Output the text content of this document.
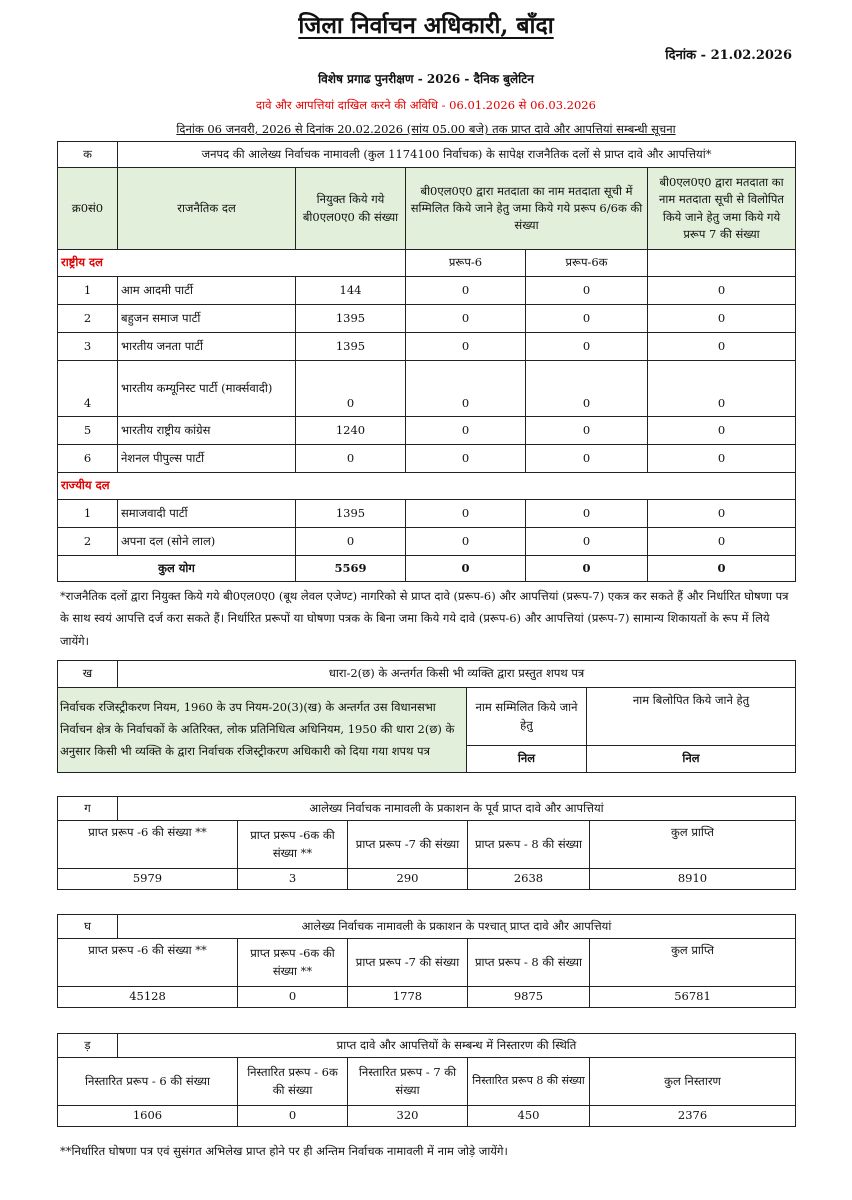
जिला निर्वाचन अधिकारी, बाँदा
दिनांक - 21.02.2026
विशेष प्रगाढ पुनरीक्षण - 2026 - दैनिक बुलेटिन
दावे और आपत्तियां दाखिल करने की अविधि - 06.01.2026 से 06.03.2026
दिनांक 06 जनवरी, 2026 से दिनांक 20.02.2026 (सांय 05.00 बजे) तक प्राप्त दावे और आपत्तियां सम्बन्धी सूचना
क	जनपद की आलेख्य निर्वाचक नामावली (कुल 1174100 निर्वाचक) के सापेक्ष राजनैतिक दलों से प्राप्त दावे और आपत्तियां*				
क्र0सं0	राजनैतिक दल	नियुक्त किये गये बी0एल0ए0 की संख्या	बी0एल0ए0 द्वारा मतदाता का नाम मतदाता सूची में सम्मिलित किये जाने हेतु जमा किये गये प्ररूप 6/6क की संख्या		बी0एल0ए0 द्वारा मतदाता का नाम मतदाता सूची से विलोपित किये जाने हेतु जमा किये गये प्ररूप 7 की संख्या
राष्ट्रीय दल			प्ररूप-6	प्ररूप-6क	
1	आम आदमी पार्टी	144	0	0	0
2	बहुजन समाज पार्टी	1395	0	0	0
3	भारतीय जनता पार्टी	1395	0	0	0
4	भारतीय कम्यूनिस्ट पार्टी (मार्क्सवादी)	0	0	0	0
5	भारतीय राष्ट्रीय कांग्रेस	1240	0	0	0
6	नेशनल पीपुल्स पार्टी	0	0	0	0
राज्यीय दल					
1	समाजवादी पार्टी	1395	0	0	0
2	अपना दल (सोने लाल)	0	0	0	0
कुल योग		5569	0	0	0
*राजनैतिक दलों द्वारा नियुक्त किये गये बी0एल0ए0 (बूथ लेवल एजेण्ट) नागरिको से प्राप्त दावे (प्ररूप-6) और आपत्तियां (प्ररूप-7) एकत्र कर सकते हैं और निर्धारित घोषणा पत्र के साथ स्वयं आपत्ति दर्ज करा सकते हैं। निर्धारित प्ररूपों या घोषणा पत्रक के बिना जमा किये गये दावे (प्ररूप-6) और आपत्तियां (प्ररूप-7) सामान्य शिकायतों के रूप में लिये जायेंगे।
ख	धारा-2(छ) के अन्तर्गत किसी भी व्यक्ति द्वारा प्रस्तुत शपथ पत्र		
निर्वाचक रजिस्ट्रीकरण नियम, 1960 के उप नियम-20(3)(ख) के अन्तर्गत उस विधानसभा निर्वाचन क्षेत्र के निर्वाचकों के अतिरिक्त, लोक प्रतिनिधित्व अधिनियम, 1950 की धारा 2(छ) के अनुसार किसी भी व्यक्ति के द्वारा निर्वाचक रजिस्ट्रीकरण अधिकारी को दिया गया शपथ पत्र		नाम सम्मिलित किये जाने हेतु	नाम बिलोपित किये जाने हेतु
		निल	निल
ग	आलेख्य निर्वाचक नामावली के प्रकाशन के पूर्व प्राप्त दावे और आपत्तियां				
प्राप्त प्ररूप -6 की संख्या **		प्राप्त प्ररूप -6क की संख्या **	प्राप्त प्ररूप -7 की संख्या	प्राप्त प्ररूप - 8 की संख्या	कुल प्राप्ति
5979		3	290	2638	8910
घ	आलेख्य निर्वाचक नामावली के प्रकाशन के पश्चात् प्राप्त दावे और आपत्तियां				
प्राप्त प्ररूप -6 की संख्या **		प्राप्त प्ररूप -6क की संख्या **	प्राप्त प्ररूप -7 की संख्या	प्राप्त प्ररूप - 8 की संख्या	कुल प्राप्ति
45128		0	1778	9875	56781
ड़	प्राप्त दावे और आपत्तियों के सम्बन्ध में निस्तारण की स्थिति				
निस्तारित प्ररूप - 6 की संख्या		निस्तारित प्ररूप - 6क की संख्या	निस्तारित प्ररूप - 7 की संख्या	निस्तारित प्ररूप 8 की संख्या	कुल निस्तारण
1606		0	320	450	2376
**निर्धारित घोषणा पत्र एवं सुसंगत अभिलेख प्राप्त होने पर ही अन्तिम निर्वाचक नामावली में नाम जोड़े जायेंगे।
